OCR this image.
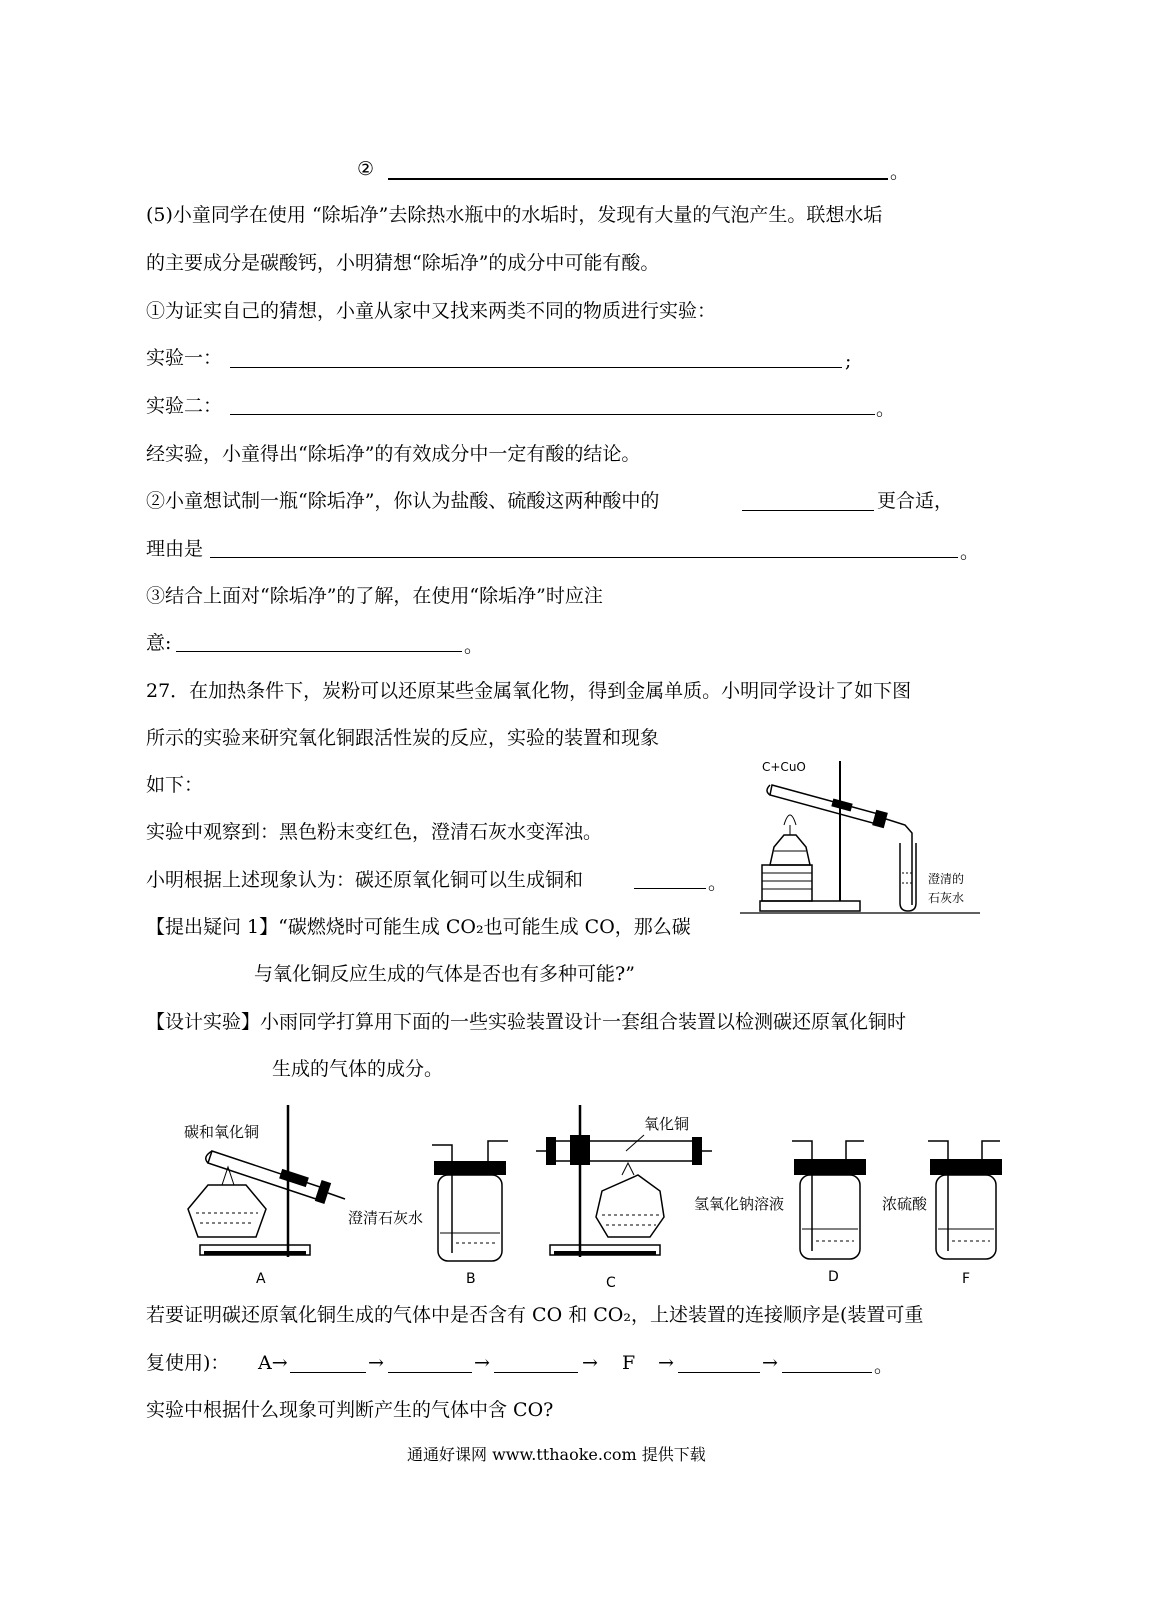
②	。
(5)小童同学在使用 “除垢净”去除热水瓶中的水垢时，发现有大量的气泡产生。联想水垢
的主要成分是碳酸钙，小明猜想“除垢净”的成分中可能有酸。
①为证实自己的猜想，小童从家中又找来两类不同的物质进行实验：
实验一：	;
实验二：	。
经实验，小童得出“除垢净”的有效成分中一定有酸的结论。
②小童想试制一瓶“除垢净”，你认为盐酸、硫酸这两种酸中的	更合适，
理由是	。
③结合上面对“除垢净”的了解，在使用“除垢净”时应注
意:	。
27．在加热条件下，炭粉可以还原某些金属氧化物，得到金属单质。小明同学设计了如下图
所示的实验来研究氧化铜跟活性炭的反应，实验的装置和现象
如下：
实验中观察到：黑色粉末变红色，澄清石灰水变浑浊。
小明根据上述现象认为：碳还原氧化铜可以生成铜和	。
【提出疑问 1】“碳燃烧时可能生成 CO₂也可能生成 CO，那么碳
与氧化铜反应生成的气体是否也有多种可能?”
【设计实验】小雨同学打算用下面的一些实验装置设计一套组合装置以检测碳还原氧化铜时
生成的气体的成分。
C+CuO
澄清的
石灰水
碳和氧化铜
A
澄清石灰水
B
氧化铜
C
氢氧化钠溶液
D
浓硫酸
F
若要证明碳还原氧化铜生成的气体中是否含有 CO 和 CO₂，上述装置的连接顺序是(装置可重
复使用)： A→	→	→	→ F →	→	。
实验中根据什么现象可判断产生的气体中含 CO?
通通好课网 www.tthaoke.com 提供下载
